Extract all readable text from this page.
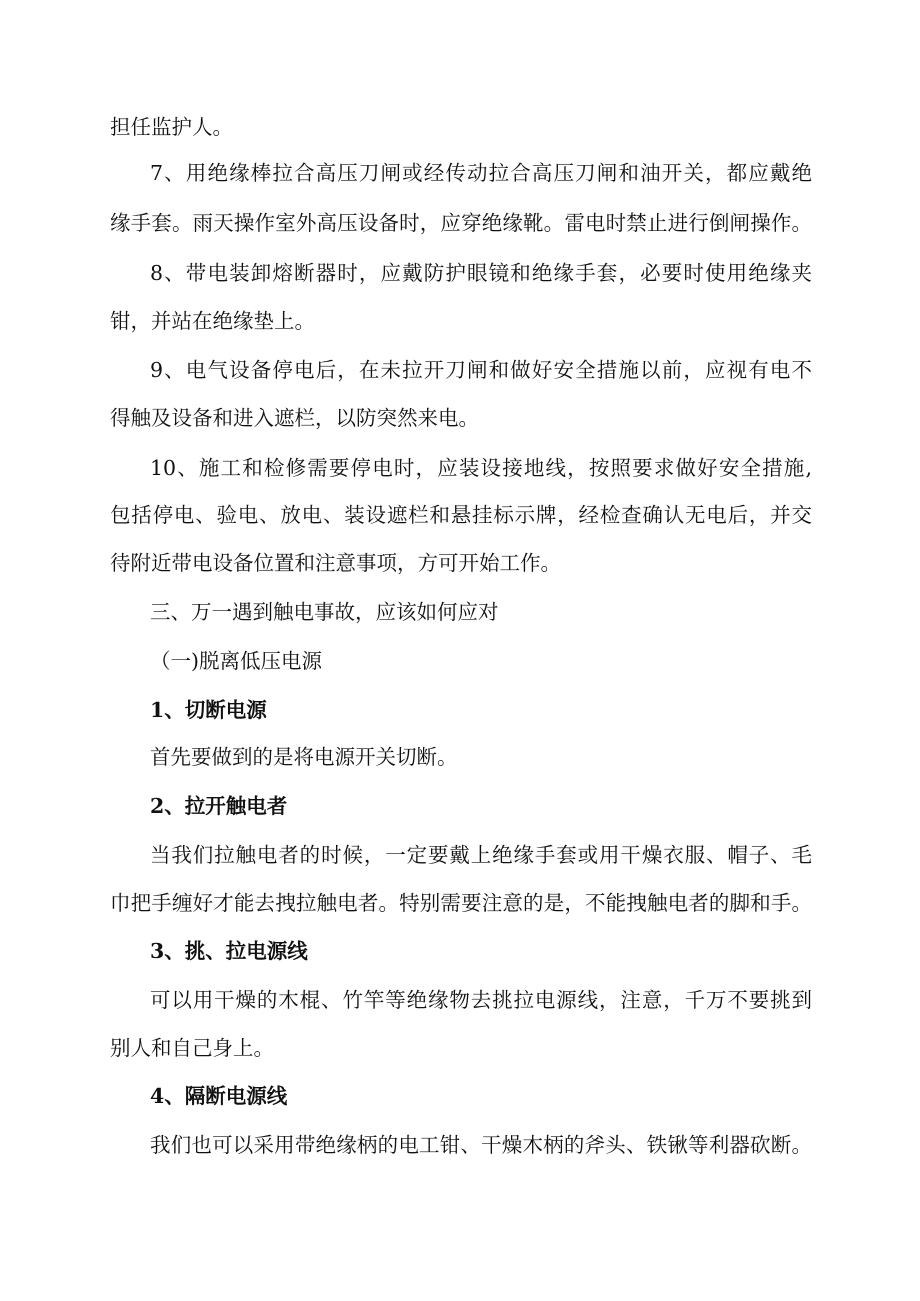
担任监护人。
7、用绝缘棒拉合高压刀闸或经传动拉合高压刀闸和油开关，都应戴绝
缘手套。雨天操作室外高压设备时，应穿绝缘靴。雷电时禁止进行倒闸操作。
8、带电装卸熔断器时，应戴防护眼镜和绝缘手套，必要时使用绝缘夹
钳，并站在绝缘垫上。
9、电气设备停电后，在未拉开刀闸和做好安全措施以前，应视有电不
得触及设备和进入遮栏，以防突然来电。
10、施工和检修需要停电时，应装设接地线，按照要求做好安全措施,
包括停电、验电、放电、装设遮栏和悬挂标示牌，经检查确认无电后，并交
待附近带电设备位置和注意事项，方可开始工作。
三、万一遇到触电事故，应该如何应对
（一)脱离低压电源
1、切断电源
首先要做到的是将电源开关切断。
2、拉开触电者
当我们拉触电者的时候，一定要戴上绝缘手套或用干燥衣服、帽子、毛
巾把手缠好才能去拽拉触电者。特别需要注意的是，不能拽触电者的脚和手。
3、挑、拉电源线
可以用干燥的木棍、竹竿等绝缘物去挑拉电源线，注意，千万不要挑到
别人和自己身上。
4、隔断电源线
我们也可以采用带绝缘柄的电工钳、干燥木柄的斧头、铁锹等利器砍断。
